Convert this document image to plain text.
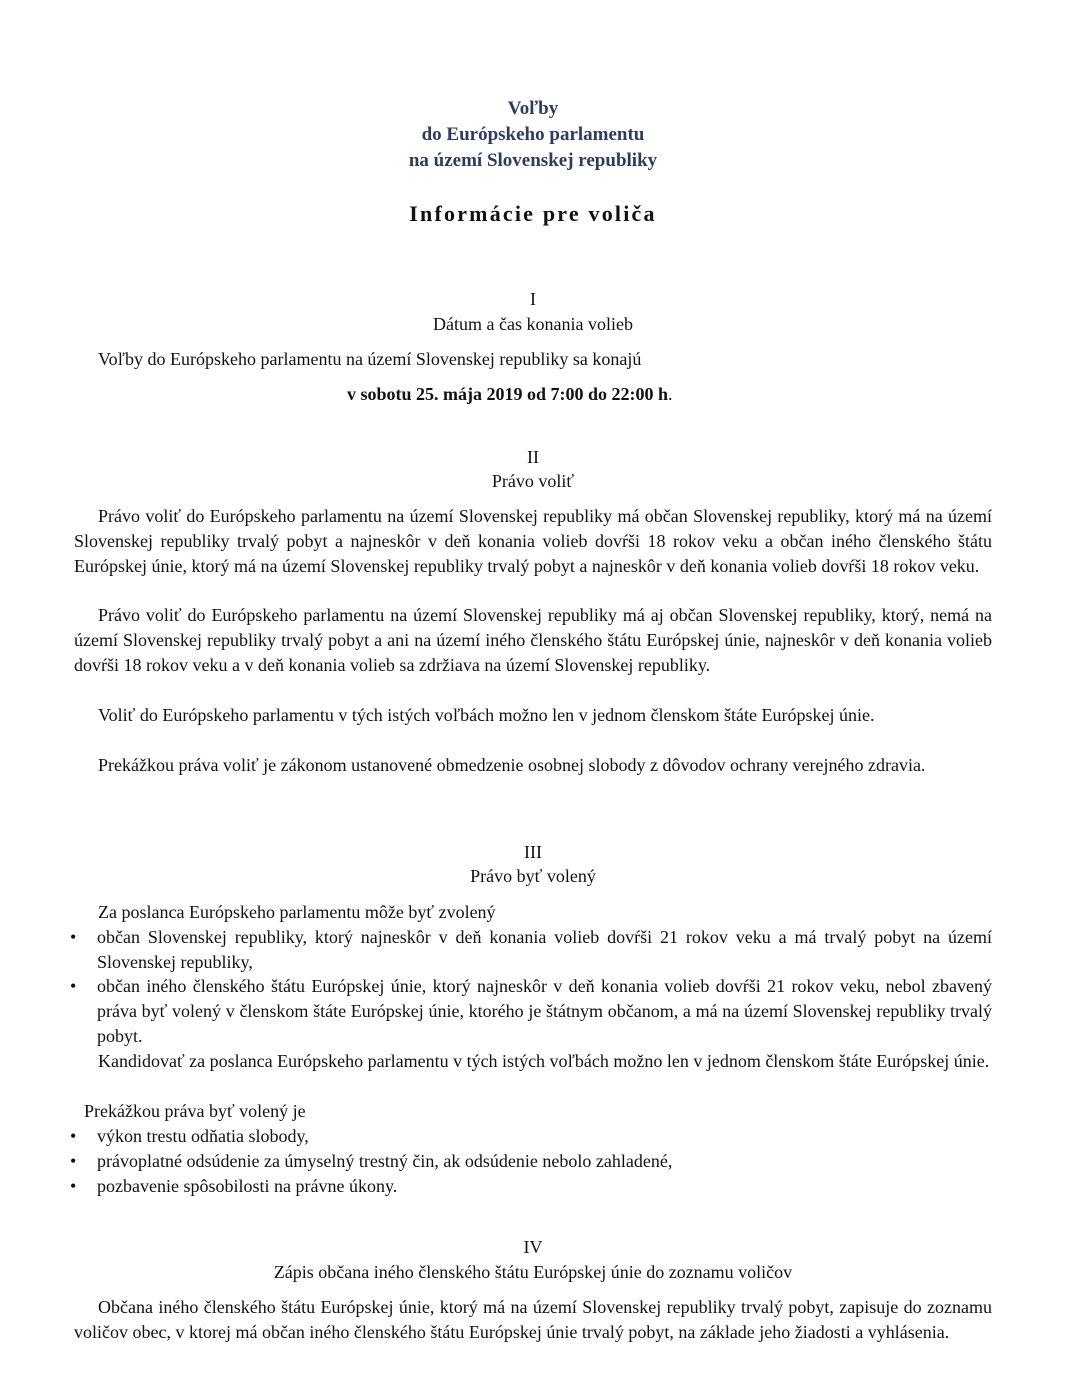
Voľby
do Európskeho parlamentu
na území Slovenskej republiky
Informácie pre voliča
I
Dátum a čas konania volieb
Voľby do Európskeho parlamentu na území Slovenskej republiky sa konajú
v sobotu 25. mája 2019 od 7:00 do 22:00 h.
II
Právo voliť
Právo voliť do Európskeho parlamentu na území Slovenskej republiky má občan Slovenskej republiky, ktorý má na území Slovenskej republiky trvalý pobyt a najneskôr v deň konania volieb dovŕši 18 rokov veku a občan iného členského štátu Európskej únie, ktorý má na území Slovenskej republiky trvalý pobyt a najneskôr v deň konania volieb dovŕši 18 rokov veku.
Právo voliť do Európskeho parlamentu na území Slovenskej republiky má aj občan Slovenskej republiky, ktorý, nemá na území Slovenskej republiky trvalý pobyt a ani na území iného členského štátu Európskej únie, najneskôr v deň konania volieb dovŕši 18 rokov veku a v deň konania volieb sa zdržiava na území Slovenskej republiky.
Voliť do Európskeho parlamentu v tých istých voľbách možno len v jednom členskom štáte Európskej únie.
Prekážkou práva voliť je zákonom ustanovené obmedzenie osobnej slobody z dôvodov ochrany verejného zdravia.
III
Právo byť volený
Za poslanca Európskeho parlamentu môže byť zvolený
•	občan Slovenskej republiky, ktorý najneskôr v deň konania volieb dovŕši 21 rokov veku a má trvalý pobyt na území Slovenskej republiky,
•	občan iného členského štátu Európskej únie, ktorý najneskôr v deň konania volieb dovŕši 21 rokov veku, nebol zbavený práva byť volený v členskom štáte Európskej únie, ktorého je štátnym občanom, a má na území Slovenskej republiky trvalý pobyt.
Kandidovať za poslanca Európskeho parlamentu v tých istých voľbách možno len v jednom členskom štáte Európskej únie.
Prekážkou práva byť volený je
•	výkon trestu odňatia slobody,
•	právoplatné odsúdenie za úmyselný trestný čin, ak odsúdenie nebolo zahladené,
•	pozbavenie spôsobilosti na právne úkony.
IV
Zápis občana iného členského štátu Európskej únie do zoznamu voličov
Občana iného členského štátu Európskej únie, ktorý má na území Slovenskej republiky trvalý pobyt, zapisuje do zoznamu voličov obec, v ktorej má občan iného členského štátu Európskej únie trvalý pobyt, na základe jeho žiadosti a vyhlásenia.
